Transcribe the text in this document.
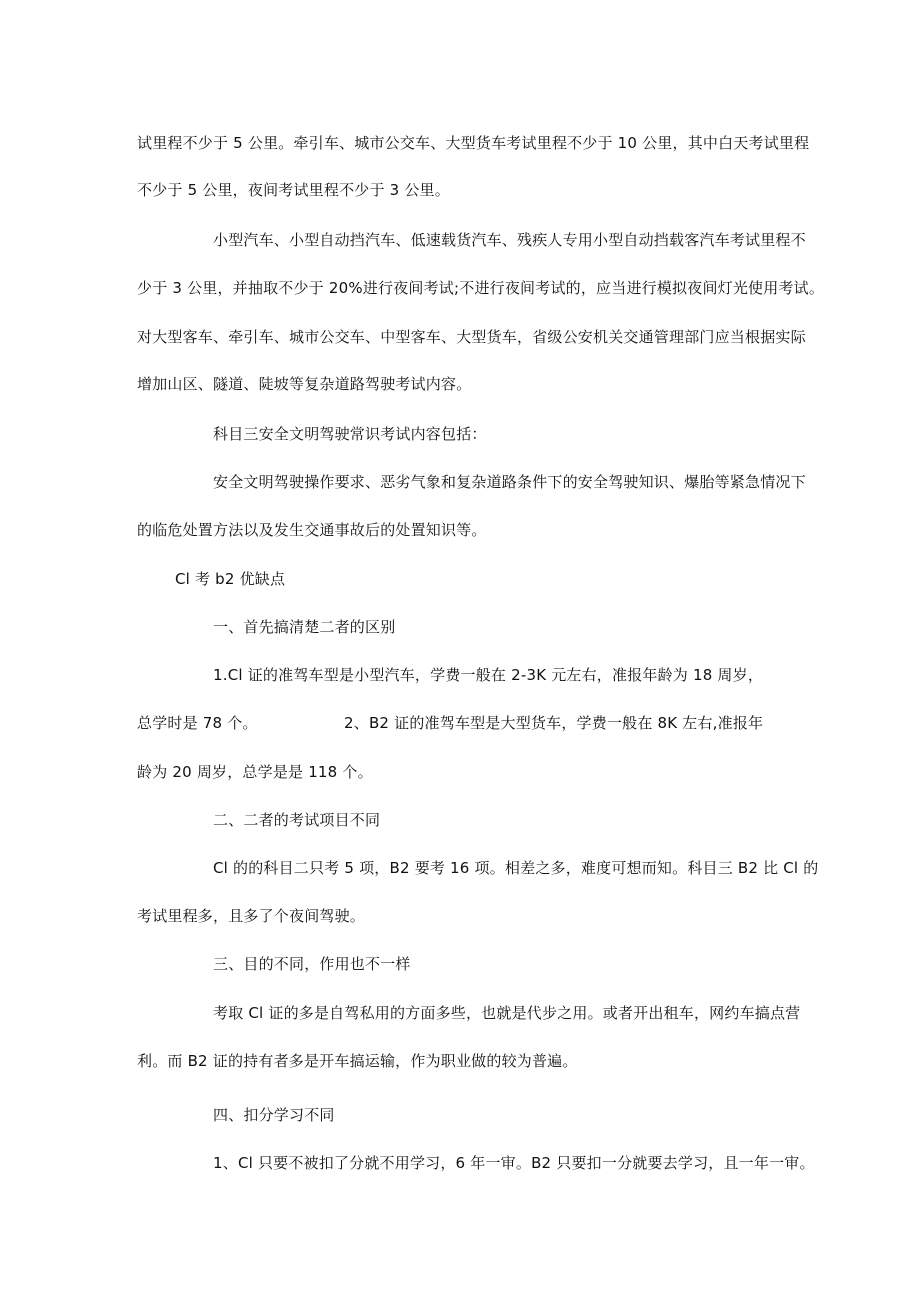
试里程不少于 5 公里。牵引车、城市公交车、大型货车考试里程不少于 10 公里，其中白天考试里程
不少于 5 公里，夜间考试里程不少于 3 公里。
小型汽车、小型自动挡汽车、低速载货汽车、残疾人专用小型自动挡载客汽车考试里程不
少于 3 公里，并抽取不少于 20%进行夜间考试;不进行夜间考试的，应当进行模拟夜间灯光使用考试。
对大型客车、牵引车、城市公交车、中型客车、大型货车，省级公安机关交通管理部门应当根据实际
增加山区、隧道、陡坡等复杂道路驾驶考试内容。
科目三安全文明驾驶常识考试内容包括：
安全文明驾驶操作要求、恶劣气象和复杂道路条件下的安全驾驶知识、爆胎等紧急情况下
的临危处置方法以及发生交通事故后的处置知识等。
Cl 考 b2 优缺点
一、首先搞清楚二者的区别
1.Cl 证的准驾车型是小型汽车，学费一般在 2-3K 元左右，准报年龄为 18 周岁，
总学时是 78 个。	2、B2 证的准驾车型是大型货车，学费一般在 8K 左右,准报年
龄为 20 周岁，总学是是 118 个。
二、二者的考试项目不同
Cl 的的科目二只考 5 项，B2 要考 16 项。相差之多，难度可想而知。科目三 B2 比 Cl 的
考试里程多，且多了个夜间驾驶。
三、目的不同，作用也不一样
考取 Cl 证的多是自驾私用的方面多些，也就是代步之用。或者开出租车，网约车搞点营
利。而 B2 证的持有者多是开车搞运输，作为职业做的较为普遍。
四、扣分学习不同
1、Cl 只要不被扣了分就不用学习，6 年一审。B2 只要扣一分就要去学习，且一年一审。
